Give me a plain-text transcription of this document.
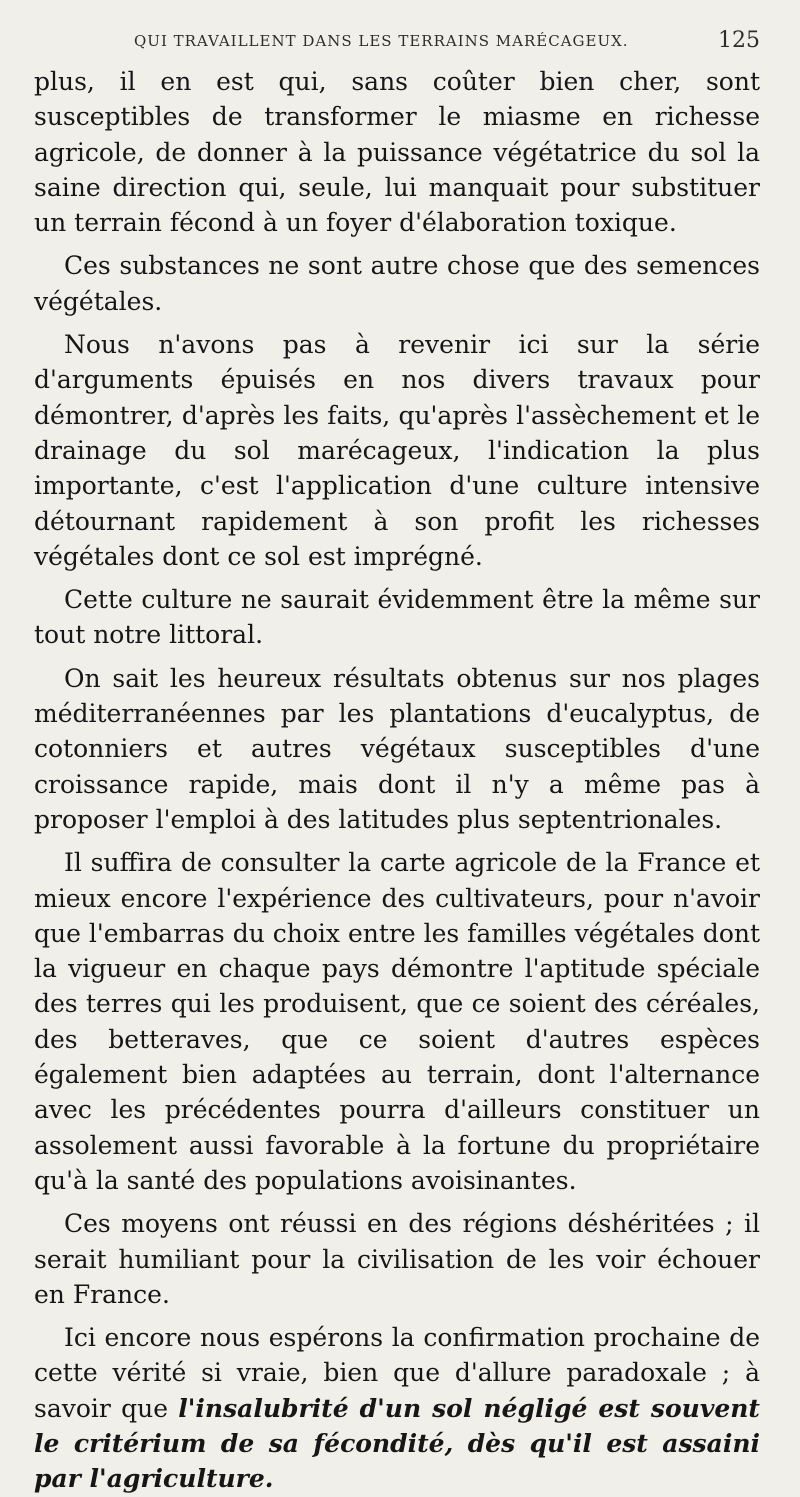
QUI TRAVAILLENT DANS LES TERRAINS MARÉCAGEUX.	125

plus, il en est qui, sans coûter bien cher, sont susceptibles de transformer le miasme en richesse agricole, de donner à la puissance végétatrice du sol la saine direction qui, seule, lui manquait pour substituer un terrain fécond à un foyer d'élaboration toxique.

Ces substances ne sont autre chose que des semences végétales.

Nous n'avons pas à revenir ici sur la série d'arguments épuisés en nos divers travaux pour démontrer, d'après les faits, qu'après l'assèchement et le drainage du sol marécageux, l'indication la plus importante, c'est l'application d'une culture intensive détournant rapidement à son profit les richesses végétales dont ce sol est imprégné.

Cette culture ne saurait évidemment être la même sur tout notre littoral.

On sait les heureux résultats obtenus sur nos plages méditerranéennes par les plantations d'eucalyptus, de cotonniers et autres végétaux susceptibles d'une croissance rapide, mais dont il n'y a même pas à proposer l'emploi à des latitudes plus septentrionales.

Il suffira de consulter la carte agricole de la France et mieux encore l'expérience des cultivateurs, pour n'avoir que l'embarras du choix entre les familles végétales dont la vigueur en chaque pays démontre l'aptitude spéciale des terres qui les produisent, que ce soient des céréales, des betteraves, que ce soient d'autres espèces également bien adaptées au terrain, dont l'alternance avec les précédentes pourra d'ailleurs constituer un assolement aussi favorable à la fortune du propriétaire qu'à la santé des populations avoisinantes.

Ces moyens ont réussi en des régions déshéritées ; il serait humiliant pour la civilisation de les voir échouer en France.

Ici encore nous espérons la confirmation prochaine de cette vérité si vraie, bien que d'allure paradoxale ; à savoir que l'insalubrité d'un sol négligé est souvent le critérium de sa fécondité, dès qu'il est assaini par l'agriculture.
